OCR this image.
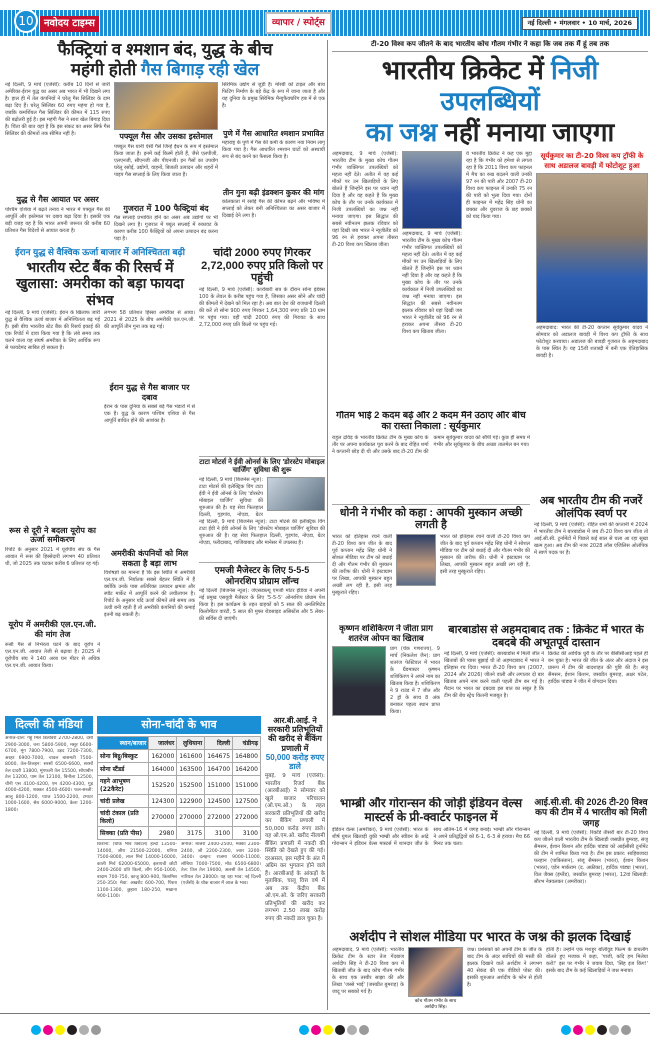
10	नवोदय टाइम्स	व्यापार / स्पोर्ट्स	नई दिल्ली • मंगलवार • 10 मार्च, 2026
फैक्ट्रियां व श्मशान बंद, युद्ध के बीच
महंगी होती गैस बिगाड़ रही खेल
नई दिल्ली, 9 मार्च (एजेंसी): करीब 10 दिनों से जारी अमेरिका-ईरान युद्ध का असर अब भारत में भी दिखने लगा है। हाल ही में तेल कंपनियों ने घरेलू गैस सिलिंडर के दाम बढ़ा दिए हैं। घरेलू सिलिंडर 60 रुपए महंगा हो गया है, जबकि कमर्शियल गैस सिलिंडर की कीमत में 115 रुपए की बढ़ोतरी हुई है। इस महंगी गैस ने सारा खेल बिगाड़ दिया है। चिंता की बात यहां है कि इस संकट का असर सिर्फ गैस सिलिंडर की कीमतों तक सीमित नहीं है।
युद्ध से गैस आयात पर असर
पश्चिम एशिया में बढ़ते तनाव ने भारत में पफ्यूल गैस की आपूर्ति और इस्तेमाल पर दबाव बढ़ा दिया है। इसकी एक बड़ी वजह यह है कि भारत अपनी जरूरत की करीब 60 प्रतिशत गैस विदेशों से आयात करता है।
पफ्यूल गैस और उसका इस्तेमाल
पफ्यूल गैस यानी ऐसी गैसें जिन्हें ईंधन के रूप में इस्तेमाल किया जाता है। इनमें कई किस्में होती हैं, जैसे एलपीजी, एलएनजी, सीएनजी और पीएनजी। इन गैसों का उपयोग घरेलू रसोई, उद्योगों, वाहनों, बिजली उत्पादन और शहरों में पाइप गैस सप्लाई के लिए किया जाता है।
गुजरात में 100 फैक्ट्रियां बंद
गैस सप्लाई प्रभावित होने का असर अब उद्योगों पर भी दिखने लगा है। गुजरात में फ्यूल सप्लाई में रुकावट के कारण करीब 100 फैक्ट्रियों को अपना उत्पादन बंद करना पड़ा है।
सिरेमिक उद्योग से जुड़ी हैं। मोरबी को टाइल और बाथ फिटिंग निर्माण के बड़े केंद्र के रूप में जाना जाता है और यह दुनिया के प्रमुख सिरेमिक मैन्युफैक्चरिंग हब में से एक है।
पुणे में गैस आधारित श्मशान प्रभावित
महाराष्ट्र के पुणे में गैस की कमी के कारण नया नियम लागू किया गया है। गैस आधारित श्मशान घाटों को अस्थायी रूप से बंद करने का फैसला किया है।
तीन गुना बढ़ी इंडक्शन कुकर की मांग
कोलकाता में रसोई गैस की कीमत बढ़ने और भविष्य में सप्लाई को लेकर बनी अनिश्चितता का असर बाजार में दिखाई देने लगा है।
ईरान युद्ध से वैश्विक ऊर्जा बाजार में अनिश्चितता बढ़ी
भारतीय स्टेट बैंक की रिसर्च में खुलासा: अमरीका को बड़ा फायदा संभव
नई दिल्ली, 9 मार्च (एजेंसी): ईरान के खिलाफ जारी युद्ध से वैश्विक ऊर्जा बाजार में अनिश्चितता बढ़ गई है। इसी बीच भारतीय स्टेट बैंक की रिसर्च इकाई की एक रिपोर्ट में दावा किया गया है कि लंबे समय तक चलने वाला यह संघर्ष अमरीका के लिए आर्थिक रूप से फायदेमंद साबित हो सकता है।
रूस से दूरी ने बदला यूरोप का ऊर्जा समीकरण
रिपोर्ट के अनुसार 2021 में यूरोपीय संघ के गैस आयात में रूस की हिस्सेदारी लगभग 40 प्रतिशत थी, जो 2025 तक घटकर करीब 6 प्रतिशत रह गई।
यूरोप में अमरीकी एल.एन.जी. की मांग तेज
रूसी गैस से निर्भरता घटने के बाद यूरोप ने एल.एन.जी. आयात तेजी से बढ़ाया है। 2025 में यूरोपीय संघ ने 140 अरब घन मीटर से अधिक एल.एन.जी. आयात किया।
लगभग 58 प्रतिशत हिस्सा अमरीका से आया। 2021 से 2025 के बीच अमरीकी एल.एन.जी. की आपूर्ति तीन गुना तक बढ़ गई।
ईरान युद्ध से गैस बाजार पर दबाव
ईरान के पास दुनिया के सबसे बड़े गैस भंडारों में से एक है। युद्ध के कारण पश्चिम एशिया से गैस आपूर्ति बाधित होने की आशंका है।
अमरीकी कंपनियों को मिल सकता है बड़ा लाभ
विशेषज्ञों का मानना है कि इस स्थिति में अमरीकी एल.एन.जी. निर्यातक सबसे बेहतर स्थिति में हैं क्योंकि उनके पास अतिरिक्त उत्पादन क्षमता और स्पॉट मार्केट में आपूर्ति करने की लचीलापन है। रिपोर्ट के अनुसार यदि ऊर्जा कीमतें लंबे समय तक ऊंची बनी रहती हैं तो अमरीकी कंपनियों की कमाई इतनी बढ़ सकती है।
चांदी 2000 रुपए गिरकर 2,72,000 रुपए प्रति किलो पर पहुंची
नई दिल्ली, 9 मार्च (एजेंसी): कारोबारी सत्र के दौरान सोना इंडेक्स 100 के लेवल के करीब पहुंच गया है, जिसका असर सोने और चांदी की कीमतों में देखने को मिल रहा है। अब बात देश की राजधानी दिल्ली की करें तो सोना 900 रुपए गिरकर 1,64,300 रुपए प्रति 10 ग्राम पर पहुंच गया। वहीं चांदी 2000 रुपए की गिरावट के साथ 2,72,000 रुपए प्रति किलो पर पहुंच गई।
टाटा मोटर्स ने ईवी ओनर्स के लिए 'डोरस्टेप मोबाइल चार्जिंग' सुविधा की शुरू
नई दिल्ली, 9 मार्च (बिजनेस न्यूज): टाटा मोटर्स की इलेक्ट्रिक विंग टाटा ईवी ने ईवी ओनर्स के लिए 'डोरस्टेप मोबाइल चार्जिंग' सुविधा की शुरुआत की है। यह सेवा फिलहाल दिल्ली, गुड़गांव, नोएडा, ग्रेटर
नई दिल्ली, 9 मार्च (बिजनेस न्यूज): टाटा मोटर्स की इलेक्ट्रिक विंग टाटा ईवी ने ईवी ओनर्स के लिए 'डोरस्टेप मोबाइल चार्जिंग' सुविधा की शुरुआत की है। यह सेवा फिलहाल दिल्ली, गुड़गांव, नोएडा, ग्रेटर नोएडा, फरीदाबाद, गाजियाबाद और मानेसर में उपलब्ध है।
एमजी मैजेस्टर के लिए 5-5-5 ओनरशिप प्रोग्राम लॉन्च
नई दिल्ली (बिजनेस न्यूज): जेएसडब्ल्यू एमजी मोटर इंडिया ने अपनी नई प्रमुख एसयूवी मैजेस्टर के लिए '5-5-5' ओनरशिप प्रोग्राम पेश किया है। इस कार्यक्रम के तहत ग्राहकों को 5 साल की अनलिमिटेड किलोमीटर वारंटी, 5 साल की मुफ्त रोडसाइड असिस्टेंस और 5 लेबर-फ्री सर्विस दी जाएंगी।
दिल्ली की मंडियां
अनाज-दाल: गेहूं मिल डिलीवरी 2700-2800, देसी 2900-3000, चना 5800-5900, मसूर 6600-6700, मूंग 7800-7900, उड़द 7200-7300, अरहर 6900-7000, चावल बासमती 7500-8000, तेल-तिलहन: सरसों 6500-6600, सरसों तेल दादरी 13800, मूंगफली तेल 15500, सोयाबीन तेल 13200, पाम तेल 12100, बिनौला 12500, चीनी एस 4100-4200, एम 4200-4300, गुड़ 4000-4200, शक्कर 4500-4600। फल-सब्जी: आलू 800-1200, प्याज 1500-2200, टमाटर 1000-1600, सेब 6000-9000, केला 1200-1800।
सोना-चांदी के भाव
स्थान/बाजार	जालंधर	लुधियाना	दिल्ली	चंडीगढ़
सोना बिट्टू/बिस्कुट	162000	161600	164675	164800
सोना स्टैंडर्ड	164000	163500	164700	164200
गहने आभूषण (22कैरेट)	152520	152500	151000	151000
चांदी प्रलेख	124300	122900	124500	127500
चांदी टंकाल (प्रति किलो)	270000	270000	272000	272000
सिक्का (प्रति पीस)	2980	3175	3100	3100
किराना: (थोक भाव क्विंटल) हल्दी 13500-14000, जीरा 21500-22000, धनिया 7500-8000, लाल मिर्च 14000-16000, काली मिर्च 62000-65000, इलायची छोटी 2400-2600 प्रति किलो, लौंग 950-1000, बादाम 700-750, काजू 800-900, किशमिश 250-350। मेवा: अखरोट 600-700, पिस्ता 1100-1300, छुहारा 180-250, मखाना 900-1100।
अनाज: बाजरा 2400-2500, मक्का 2300-2400, जौ 2200-2300, ज्वार 3200-3400। दलहन: राजमा 9000-11000, लोबिया 7000-7500, मोठ 6500-6800। तेल: तिल तेल 19000, अलसी तेल 14500, नारियल तेल 28000। यह रहा भाव: नई दिल्ली (एजेंसी) के थोक बाजार में आज के भाव।
आर.बी.आई. ने सरकारी प्रतिभूतियों की खरीद से बैंकिंग प्रणाली में
50,000 करोड़ रुपए डाले
मुंबई, 9 मार्च (एजेंसी): भारतीय रिजर्व बैंक (आरबीआई) ने सोमवार को खुले बाजार परिचालन (ओ.एम.ओ.) के तहत सरकारी प्रतिभूतियों की खरीद कर बैंकिंग प्रणाली में 50,000 करोड़ रुपए डाले। यह ओ.एम.ओ. खरीद नीलामी बैंकिंग प्रणाली में नकदी की स्थिति को देखते हुए की गई। दरअसल, इस महीने के अंत में अग्रिम कर भुगतान होने वाले हैं। आरबीआई के आंकड़ों के मुताबिक, चालू वित्त वर्ष में अब तक केंद्रीय बैंक ओ.एम.ओ. के जरिए सरकारी प्रतिभूतियों की खरीद कर लगभग 2.50 लाख करोड़ रुपए की नकदी डाल चुका है।
टी-20 विश्व कप जीतने के बाद भारतीय कोच गौतम गंभीर ने कहा कि जब तक मैं हूं तब तक
भारतीय क्रिकेट में निजी उपलब्धियों
का जश्न नहीं मनाया जाएगा
अहमदाबाद, 9 मार्च (एजेंसी): भारतीय टीम के मुख्य कोच गौतम गंभीर व्यक्तिगत उपलब्धियों को महत्व नहीं देते। अतीत में वह कई मौकों पर उन खिलाड़ियों के लिए बोलते हैं जिन्होंने इस पर ध्यान नहीं दिया है और वह कहते हैं कि मुख्य कोच के तौर पर उनके कार्यकाल में निजी उपलब्धियों का जश्न नहीं मनाया जाएगा। इस सिद्धांत की सबसे नवीनतम झलक रविवार को यहां दिखी जब भारत ने न्यूजीलैंड को 96 रन से हराकर अपना तीसरा टी-20 विश्व कप खिताब जीता।
अहमदाबाद, 9 मार्च (एजेंसी): भारतीय टीम के मुख्य कोच गौतम गंभीर व्यक्तिगत उपलब्धियों को महत्व नहीं देते। अतीत में वह कई मौकों पर उन खिलाड़ियों के लिए बोलते हैं जिन्होंने इस पर ध्यान नहीं दिया है और वह कहते हैं कि मुख्य कोच के तौर पर उनके कार्यकाल में निजी उपलब्धियों का जश्न नहीं मनाया जाएगा। इस सिद्धांत की सबसे नवीनतम झलक रविवार को यहां दिखी जब भारत ने न्यूजीलैंड को 96 रन से हराकर अपना तीसरा टी-20 विश्व कप खिताब जीता।
ये भारतीय क्रिकेट ने कह एक मुद्दा रहा है कि गंभीर को हमेशा से लगता रहा है कि 2011 विश्व कप फाइनल में मैच का रुख बदलने वाली उनकी 97 रन की पारी और 2007 टी-20 विश्व कप फाइनल में उनकी 75 रन की पारी को भुला दिया गया। दोनों ही फाइनल में महेंद्र सिंह धोनी का छक्का और युवराज के छह छक्कों को याद किया गया।
सूर्यकुमार का टी-20 विश्व कप ट्रॉफी के साथ अडालज बावड़ी में फोटोशूट हुआ
अहमदाबाद: भारत की टी-20 कप्तान सूर्यकुमार यादव ने सोमवार को अडालज बावड़ी में विश्व कप ट्रॉफी के साथ फोटोशूट करवाया। अडालज की बावड़ी गुजरात के अहमदाबाद के पास स्थित है। यह 15वीं शताब्दी में बनी एक ऐतिहासिक बावड़ी है।
गौतम भाई 2 कदम बढ़े और 2 कदम मैंने उठाए और बीच का रास्ता निकाला : सूर्यकुमार
राहुल द्रविड़ के भारतीय क्रिकेट टीम के मुख्य कोच के तौर पर अपना कार्यकाल पूरा करने के बाद रोहित शर्मा ने कप्तानी छोड़ दी थी और उसके बाद टी-20 टीम की कमान सूर्यकुमार यादव को सौंपी गई। कुछ ही समय में गंभीर और सूर्यकुमार के बीच अच्छा तालमेल बन गया।
धोनी ने गंभीर को कहा : आपकी मुस्कान अच्छी लगती है
भारत को इतिहास रचने वाली टी-20 विश्व कप जीत के बाद पूर्व कप्तान महेंद्र सिंह धोनी ने सोशल मीडिया पर टीम को बधाई दी और गौतम गंभीर की मुस्कान की तारीफ की। धोनी ने इंस्टाग्राम पर लिखा, आपकी मुस्कान बहुत अच्छी लग रही है, इसी तरह मुस्कुराते रहिए।
भारत को इतिहास रचने वाली टी-20 विश्व कप जीत के बाद पूर्व कप्तान महेंद्र सिंह धोनी ने सोशल मीडिया पर टीम को बधाई दी और गौतम गंभीर की मुस्कान की तारीफ की। धोनी ने इंस्टाग्राम पर लिखा, आपकी मुस्कान बहुत अच्छी लग रही है, इसी तरह मुस्कुराते रहिए।
अब भारतीय टीम की नजरें ओलंपिक स्वर्ण पर
नई दिल्ली, 9 मार्च (एजेंसी): रोहित शर्मा की कप्तानी में 2024 में भारतीय टीम ने बारबाडोस में जब टी-20 विश्व कप जीता तो आई.सी.सी. टूर्नामेंटों में पिछले कई साल से चला आ रहा सूखा खत्म हुआ। अब टीम की नजर 2028 लॉस एंजिलिस ओलंपिक में स्वर्ण पदक पर है।
कृष्णन शशिकिरण ने जीता प्राग शतरंज ओपन का खिताब
प्राग (चेक गणराज्य), 9 मार्च (निकलेश जैन): प्राग शतरंज फेस्टिवल में भारत के ग्रैंडमास्टर कृष्णन शशिकिरण ने अपने नाम का खिताब किया है। शशिकिरण ने 9 राउंड में 7 जीत और 2 ड्रॉ के साथ 8 अंक बनाकर पहला स्थान प्राप्त किया।
बारबाडोस से अहमदाबाद तक : क्रिकेट में भारत के दबदबे की अभूतपूर्व दास्तान
नई दिल्ली, 9 मार्च (एजेंसी): बारबाडोस में मिली जीत ने खिताबों की प्यास बुझाई थी तो अहमदाबाद में भारत ने इतिहास रच दिया। भारत टी-20 विश्व कप (2007, 2024 और 2026) जीतने वाली और लगातार दो बार खिताब अपने नाम करने वाली पहली टीम बन गई है। मैदान पर भारत का दबदबा इस बात का सबूत है कि टीम की बेंच स्ट्रेंथ कितनी मजबूत है।
क्रिकेट की आर्थिक धुरी के तौर पर बीसीसीआई पहले ही बन चुका है। भारत की जीत के अंतर और अंदाज ने इस प्रारूप में टीम की बादशाहत की पुष्टि की है। संजू सैमसन, ईशान किशन, जसप्रीत बुमराह, अक्षर पटेल, हार्दिक पांड्या ने जीत में योगदान दिया।
भाम्ब्री और गोरान्सन की जोड़ी इंडियन वेल्स मास्टर्स के प्री-क्वार्टर फाइनल में
इंडियन वेल्स (अमरीका), 9 मार्च (एजेंसी): भारत के शीर्ष युगल खिलाड़ी युकी भाम्ब्री और स्वीडन के आंद्रे गोरान्सन ने इंडियन वेल्स मास्टर्स में शानदार जीत के साथ अंतिम-16 में जगह बनाई। भाम्ब्री और गोरान्सन ने अपने प्रतिद्वंद्वियों को 6-1, 6-3 से हराया। मैच 66 मिनट तक चला।
आई.सी.सी. की 2026 टी-20 विश्व कप की टीम में 4 भारतीय को मिली जगह
नई दिल्ली, 9 मार्च (एजेंसी): रिकॉर्ड तीसरी बार टी-20 विश्व कप जीतने वाली भारतीय टीम के खिलाड़ी जसप्रीत बुमराह, संजू सैमसन, ईशान किशन और हार्दिक पांड्या को आईसीसी टूर्नामेंट की टीम में शामिल किया गया है। टीम इस प्रकार: साहिबजादा फरहान (पाकिस्तान), संजू सैमसन (भारत), ईशान किशन (भारत), एडेन मार्कराम (द. अफ्रीका), हार्दिक पांड्या (भारत), विल जैक्स (इंग्लैंड), जसप्रीत बुमराह (भारत), 12वां खिलाड़ी: सौरभ नेत्रवलकर (अमरीका)।
अर्शदीप ने सोशल मीडिया पर भारत के जश्न की झलक दिखाई
अहमदाबाद, 9 मार्च (एजेंसी): भारतीय क्रिकेट टीम के स्टार तेज गेंदबाज अर्शदीप सिंह ने टी-20 विश्व कप में खिताबी जीत के बाद कोच गौतम गंभीर के साथ एक तस्वीर साझा की और लिखा 'जस्से भाई' (जसप्रीत बुमराह) के जादू पर सबको गर्व है।
कोच गौतम गंभीर के साथ अर्शदीप सिंह।
जश्न। प्रशंसकों को अपनी टीम के जीत के बाद टीम के अंदर साथियों की मस्ती की झलक दिखाने वाले अर्शदीप ने लगभग 40 सेकंड की एक वीडियो पोस्ट की। इसकी शुरुआत अर्शदीप के फोन से होती है।
होती है। उन्होंने एक मशहूर बॉलीवुड फिल्म के डायलॉग बोलते हुए मजाक में कहा, 'पाजी, कदि हम मिलेया करो!' इस पर गंभीर ने जवाब दिया, 'सिंह इज किंग!' इसके बाद टीम के कई खिलाड़ियों ने जश्न मनाया।
